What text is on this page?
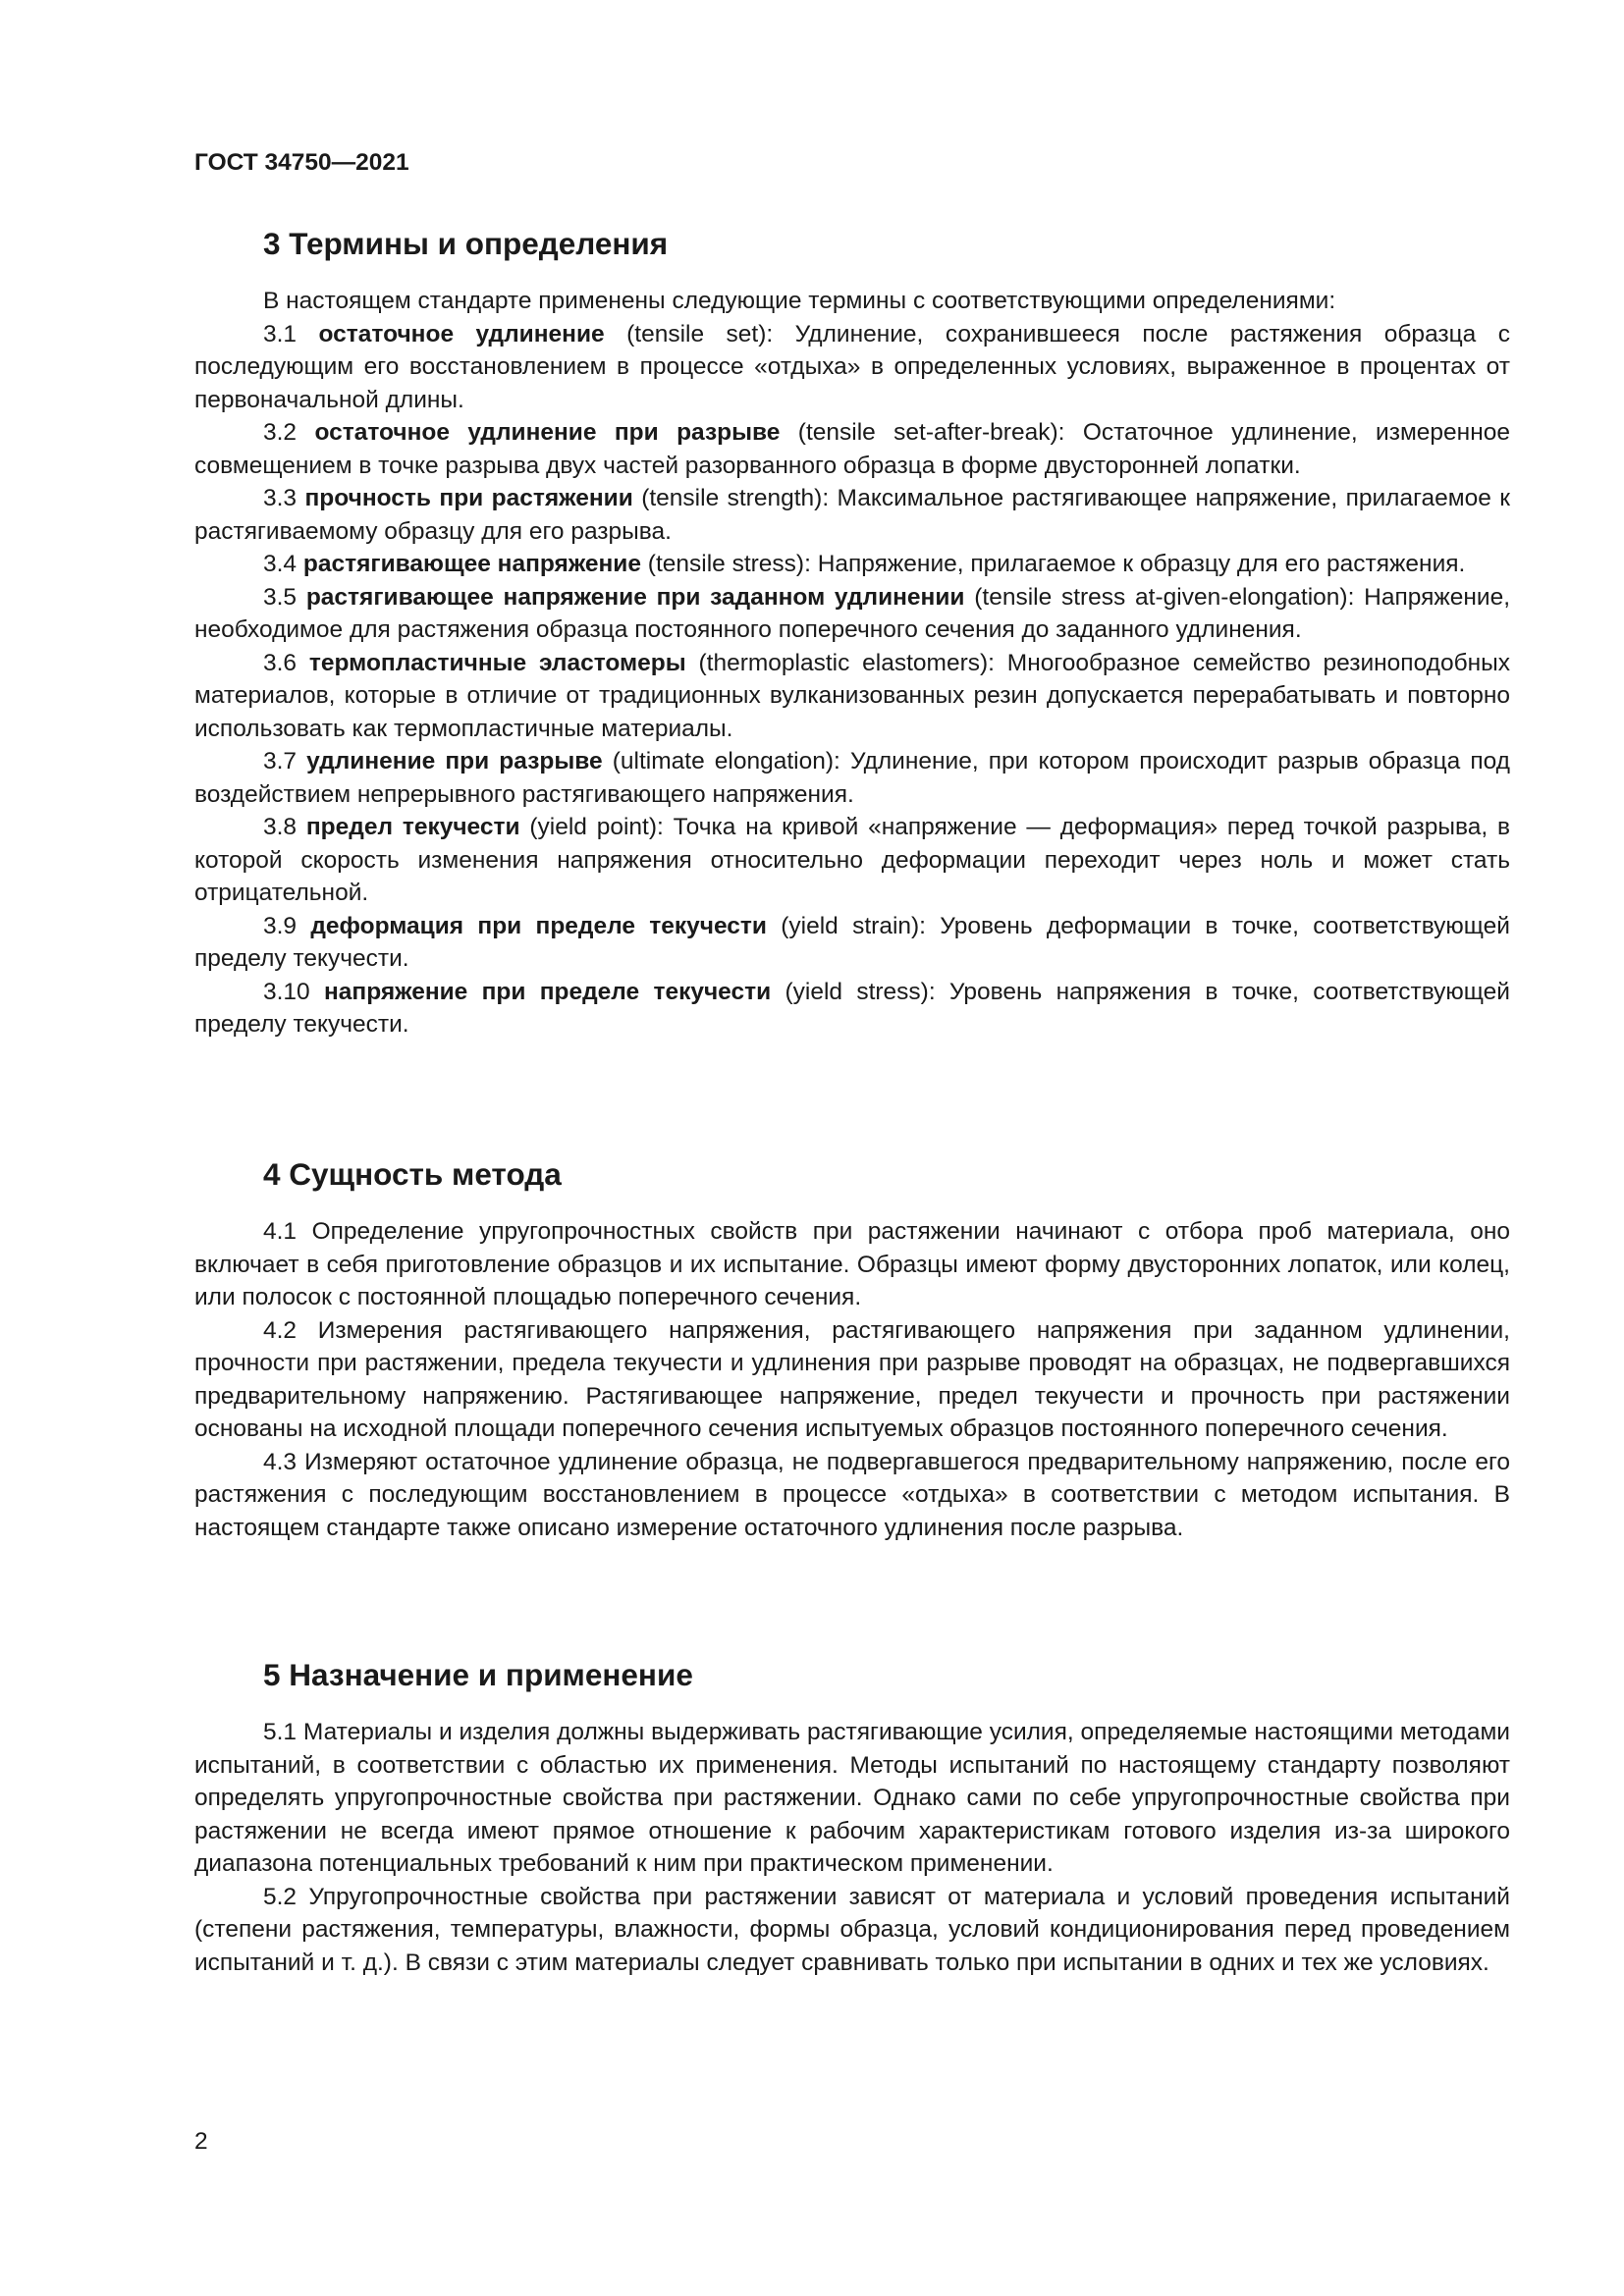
ГОСТ 34750—2021
3 Термины и определения

В настоящем стандарте применены следующие термины с соответствующими определениями:

3.1 остаточное удлинение (tensile set): Удлинение, сохранившееся после растяжения образца с последующим его восстановлением в процессе «отдыха» в определенных условиях, выраженное в процентах от первоначальной длины.

3.2 остаточное удлинение при разрыве (tensile set-after-break): Остаточное удлинение, измеренное совмещением в точке разрыва двух частей разорванного образца в форме двусторонней лопатки.

3.3 прочность при растяжении (tensile strength): Максимальное растягивающее напряжение, прилагаемое к растягиваемому образцу для его разрыва.

3.4 растягивающее напряжение (tensile stress): Напряжение, прилагаемое к образцу для его растяжения.

3.5 растягивающее напряжение при заданном удлинении (tensile stress at-given-elongation): Напряжение, необходимое для растяжения образца постоянного поперечного сечения до заданного удлинения.

3.6 термопластичные эластомеры (thermoplastic elastomers): Многообразное семейство резиноподобных материалов, которые в отличие от традиционных вулканизованных резин допускается перерабатывать и повторно использовать как термопластичные материалы.

3.7 удлинение при разрыве (ultimate elongation): Удлинение, при котором происходит разрыв образца под воздействием непрерывного растягивающего напряжения.

3.8 предел текучести (yield point): Точка на кривой «напряжение — деформация» перед точкой разрыва, в которой скорость изменения напряжения относительно деформации переходит через ноль и может стать отрицательной.

3.9 деформация при пределе текучести (yield strain): Уровень деформации в точке, соответствующей пределу текучести.

3.10 напряжение при пределе текучести (yield stress): Уровень напряжения в точке, соответствующей пределу текучести.

4 Сущность метода

4.1 Определение упругопрочностных свойств при растяжении начинают с отбора проб материала, оно включает в себя приготовление образцов и их испытание. Образцы имеют форму двусторонних лопаток, или колец, или полосок с постоянной площадью поперечного сечения.

4.2 Измерения растягивающего напряжения, растягивающего напряжения при заданном удлинении, прочности при растяжении, предела текучести и удлинения при разрыве проводят на образцах, не подвергавшихся предварительному напряжению. Растягивающее напряжение, предел текучести и прочность при растяжении основаны на исходной площади поперечного сечения испытуемых образцов постоянного поперечного сечения.

4.3 Измеряют остаточное удлинение образца, не подвергавшегося предварительному напряжению, после его растяжения с последующим восстановлением в процессе «отдыха» в соответствии с методом испытания. В настоящем стандарте также описано измерение остаточного удлинения после разрыва.

5 Назначение и применение

5.1 Материалы и изделия должны выдерживать растягивающие усилия, определяемые настоящими методами испытаний, в соответствии с областью их применения. Методы испытаний по настоящему стандарту позволяют определять упругопрочностные свойства при растяжении. Однако сами по себе упругопрочностные свойства при растяжении не всегда имеют прямое отношение к рабочим характеристикам готового изделия из-за широкого диапазона потенциальных требований к ним при практическом применении.

5.2 Упругопрочностные свойства при растяжении зависят от материала и условий проведения испытаний (степени растяжения, температуры, влажности, формы образца, условий кондиционирования перед проведением испытаний и т. д.). В связи с этим материалы следует сравнивать только при испытании в одних и тех же условиях.

2
